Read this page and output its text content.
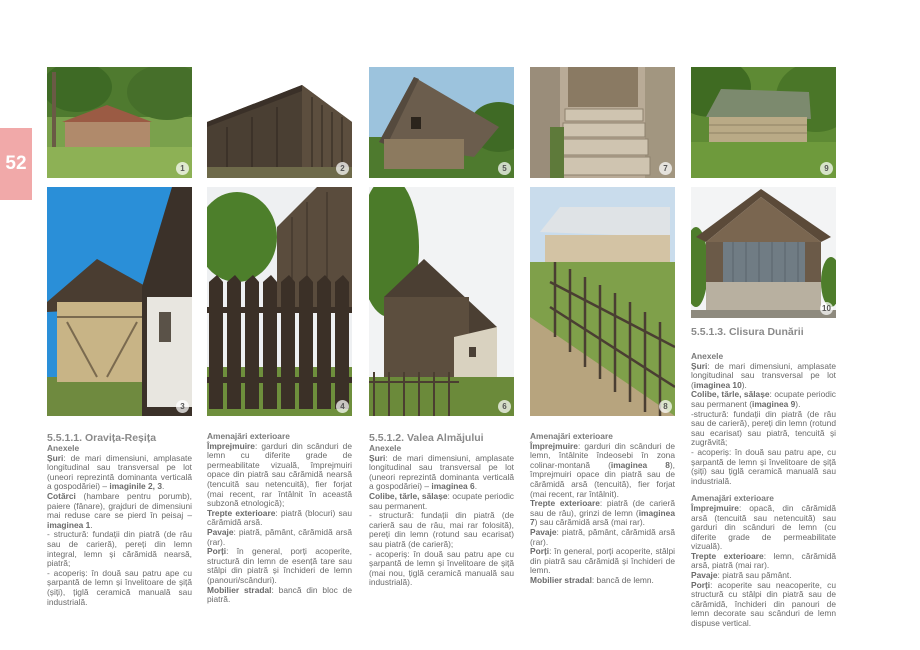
52	1	2	5	7	9
3	4	6	8
10

5.5.1.1. Oravița-Reșița

Anexele

Șuri: de mari dimensiuni, amplasate longitudinal sau transversal pe lot (uneori reprezintă dominanta verticală a gospodăriei) – imaginile 2, 3.

Cotărci (hambare pentru porumb), paiere (fânare), grajduri de dimensiuni mai reduse care se pierd în peisaj – imaginea 1.

- structură: fundații din piatră (de râu sau de carieră), pereți din lemn integral, lemn și cărămidă nearsă, piatră;

- acoperiș: în două sau patru ape cu șarpantă de lemn și învelitoare de șiță (șiți), țiglă ceramică manuală sau industrială.

Amenajări exterioare

Împrejmuire: garduri din scânduri de lemn cu diferite grade de permeabilitate vizuală, împrejmuiri opace din piatră sau cărămidă nearsă (tencuită sau netencuită), fier forjat (mai recent, rar întâlnit în această subzonă etnologică);

Trepte exterioare: piatră (blocuri) sau cărămidă arsă.

Pavaje: piatră, pământ, cărămidă arsă (rar).

Porți: în general, porți acoperite, structură din lemn de esență tare sau stâlpi din piatră și închideri de lemn (panouri/scânduri).

Mobilier stradal: bancă din bloc de piatră.

5.5.1.2. Valea Almăjului

Anexele

Șuri: de mari dimensiuni, amplasate longitudinal sau transversal pe lot (uneori reprezintă dominanta verticală a gospodăriei) – imaginea 6.

Colibe, tărle, sălașe: ocupate periodic sau permanent.

- structură: fundații din piatră (de carieră sau de râu, mai rar folosită), pereți din lemn (rotund sau ecarisat) sau piatră (de carieră);

- acoperiș: în două sau patru ape cu șarpantă de lemn și învelitoare de șiță (mai nou, țiglă ceramică manuală sau industrială).

Amenajări exterioare

Împrejmuire: garduri din scânduri de lemn, întâlnite îndeosebi în zona colinar-montană (imaginea 8), împrejmuiri opace din piatră sau de cărămidă arsă (tencuită), fier forjat (mai recent, rar întâlnit).

Trepte exterioare: piatră (de carieră sau de râu), grinzi de lemn (imaginea 7) sau cărămidă arsă (mai rar).

Pavaje: piatră, pământ, cărămidă arsă (rar).

Porți: în general, porți acoperite, stâlpi din piatră sau cărămidă și închideri de lemn.

Mobilier stradal: bancă de lemn.

5.5.1.3. Clisura Dunării

Anexele

Șuri: de mari dimensiuni, amplasate longitudinal sau transversal pe lot (imaginea 10).

Colibe, tărle, sălașe: ocupate periodic sau permanent (imaginea 9).

-structură: fundații din piatră (de râu sau de carieră), pereți din lemn (rotund sau ecarisat) sau piatră, tencuită și zugrăvită;

- acoperiș: în două sau patru ape, cu șarpantă de lemn și învelitoare de șiță (șiți) sau țiglă ceramică manuală sau industrială.

Amenajări exterioare

Împrejmuire: opacă, din cărămidă arsă (tencuită sau netencuită) sau garduri din scânduri de lemn (cu diferite grade de permeabilitate vizuală).

Trepte exterioare: lemn, cărămidă arsă, piatră (mai rar).

Pavaje: piatră sau pământ.

Porți: acoperite sau neacoperite, cu structură cu stâlpi din piatră sau de cărămidă, închideri din panouri de lemn decorate sau scânduri de lemn dispuse vertical.
